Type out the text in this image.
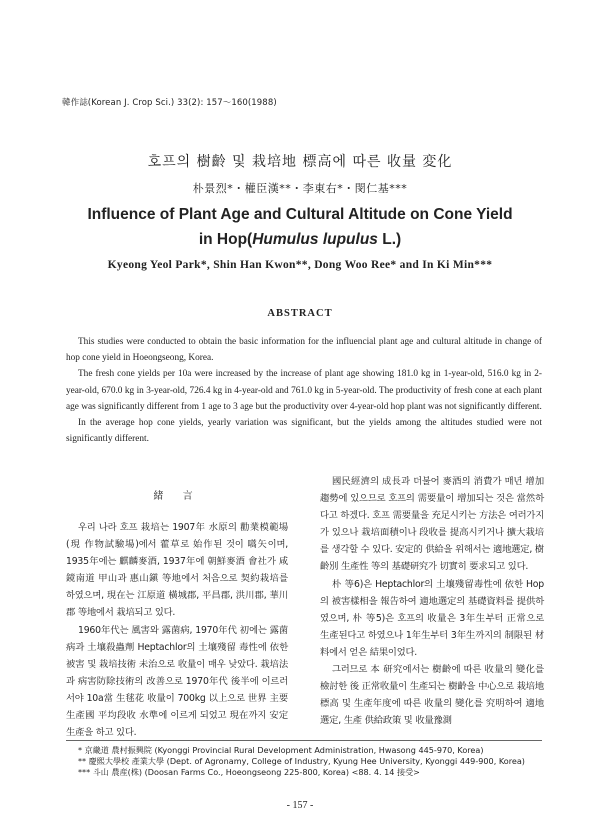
韓作誌(Korean J. Crop Sci.) 33(2): 157〜160(1988)
호프의 樹齡 및 栽培地 標高에 따른 收量 変化
朴景烈*・權臣漢**・李東右*・閔仁基***
Influence of Plant Age and Cultural Altitude on Cone Yield
in Hop(Humulus lupulus L.)
Kyeong Yeol Park*, Shin Han Kwon**, Dong Woo Ree* and In Ki Min***
ABSTRACT

This studies were conducted to obtain the basic information for the influencial plant age and cultural altitude in change of hop cone yield in Hoeongseong, Korea.

The fresh cone yields per 10a were increased by the increase of plant age showing 181.0 kg in 1-year-old, 516.0 kg in 2-year-old, 670.0 kg in 3-year-old, 726.4 kg in 4-year-old and 761.0 kg in 5-year-old. The productivity of fresh cone at each plant age was significantly different from 1 age to 3 age but the productivity over 4-year-old hop plant was not significantly different.

In the average hop cone yields, yearly variation was significant, but the yields among the altitudes studied were not significantly different.

緒 言

우리 나라 호프 栽培는 1907年 水原의 勸業模範場(現 作物試驗場)에서 藿草로 始作된 것이 嚆矢이며, 1935年에는 麒麟麥酒, 1937年에 朝鮮麥酒 會社가 咸鏡南道 甲山과 惠山鎭 等地에서 처음으로 契約栽培를 하였으며, 現在는 江原道 橫城郡, 平昌郡, 洪川郡, 華川郡 等地에서 栽培되고 있다.

1960年代는 風害와 露菌病, 1970年代 初에는 露菌病과 土壤殺蟲劑 Heptachlor의 土壤殘留 毒性에 依한 被害 및 栽培技術 未治으로 收量이 매우 낮았다. 栽培法과 病害防除技術의 改善으로 1970年代 後半에 이르러서야 10a當 生毬花 收量이 700kg 以上으로 世界 主要 生產國 平均段收 水準에 이르게 되었고 現在까지 安定生產을 하고 있다.

國民經濟의 成長과 더불어 麥酒의 消費가 매년 增加趨勢에 있으므로 호프의 需要量이 增加되는 것은 當然하다고 하겠다. 호프 需要量을 充足시키는 方法은 여러가지가 있으나 栽培面積이나 段收를 提高시키거나 擴大栽培를 생각할 수 있다. 安定的 供給을 위해서는 適地選定, 樹齡別 生產性 等의 基礎研究가 切實히 要求되고 있다.

朴 等6)은 Heptachlor의 土壤殘留毒性에 依한 Hop의 被害樣相을 報告하여 適地選定의 基礎資料를 提供하였으며, 朴 等5)은 호프의 收量은 3年生부터 正常으로 生產된다고 하였으나 1年生부터 3年生까지의 制限된 材料에서 얻은 結果이었다.

그러므로 本 研究에서는 樹齡에 따른 收量의 變化를 檢討한 後 正常收量이 生產되는 樹齡을 中心으로 栽培地 標高 및 生產年度에 따른 收量의 變化를 究明하여 適地選定, 生產 供給政策 및 收量豫測

* 京畿道 農村振興院 (Kyonggi Provincial Rural Development Administration, Hwasong 445-970, Korea)
** 慶熙大學校 產業大學 (Dept. of Agronamy, College of Industry, Kyung Hee University, Kyonggi 449-900, Korea)
*** 斗山 農産(株) (Doosan Farms Co., Hoeongseong 225-800, Korea) <88. 4. 14 接受>
- 157 -
